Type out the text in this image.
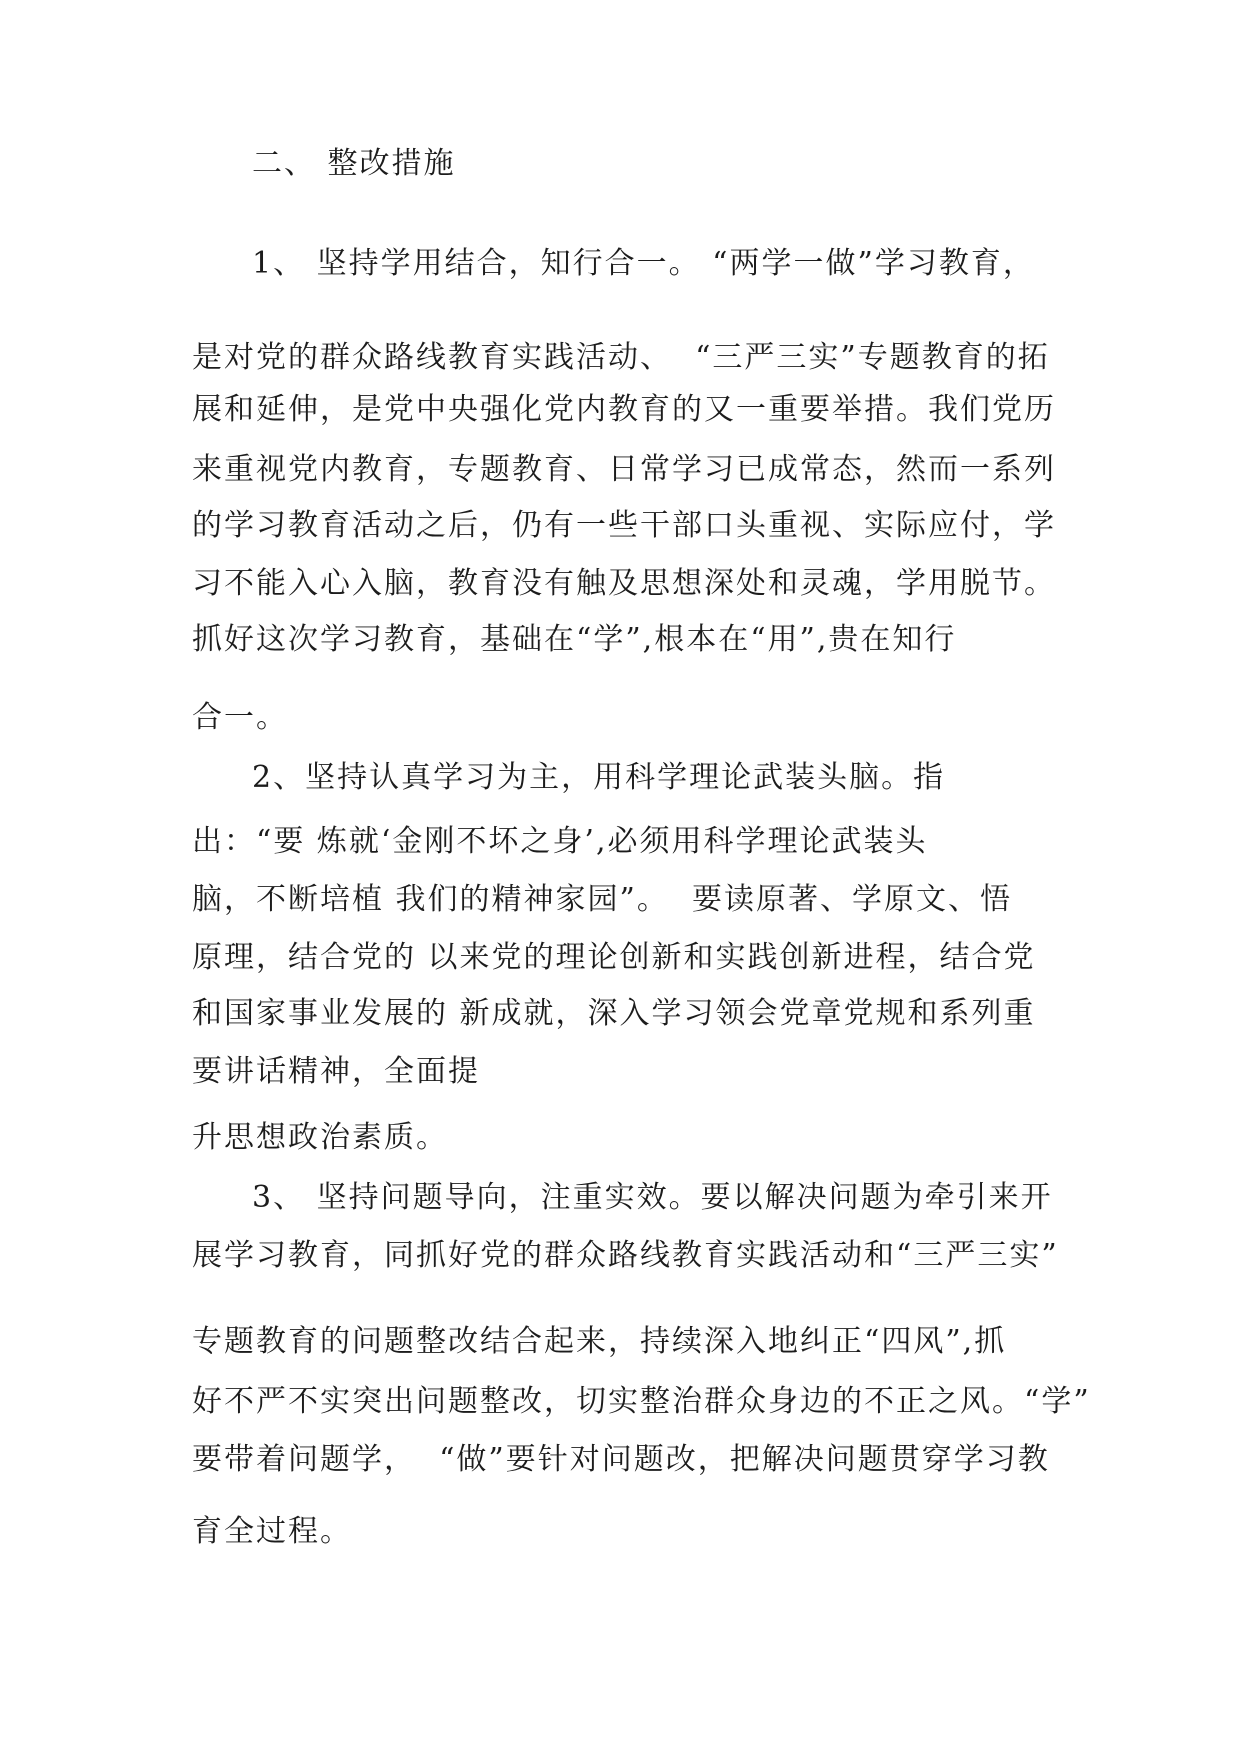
二、 整改措施

1、 坚持学用结合，知行合一。 “两学一做”学习教育，

是对党的群众路线教育实践活动、  “三严三实”专题教育的拓

展和延伸，是党中央强化党内教育的又一重要举措。我们党历

来重视党内教育，专题教育、日常学习已成常态，然而一系列

的学习教育活动之后，仍有一些干部口头重视、实际应付，学

习不能入心入脑，教育没有触及思想深处和灵魂，学用脱节。

抓好这次学习教育，基础在“学”,根本在“用”,贵在知行

合一。

2、坚持认真学习为主，用科学理论武装头脑。指

出：“要 炼就‘金刚不坏之身’,必须用科学理论武装头

脑，不断培植 我们的精神家园”。  要读原著、学原文、悟

原理，结合党的 以来党的理论创新和实践创新进程，结合党

和国家事业发展的 新成就，深入学习领会党章党规和系列重

要讲话精神，全面提

升思想政治素质。

3、 坚持问题导向，注重实效。要以解决问题为牵引来开

展学习教育，同抓好党的群众路线教育实践活动和“三严三实”

专题教育的问题整改结合起来，持续深入地纠正“四风”,抓

好不严不实突出问题整改，切实整治群众身边的不正之风。“学”

要带着问题学，  “做”要针对问题改，把解决问题贯穿学习教

育全过程。
